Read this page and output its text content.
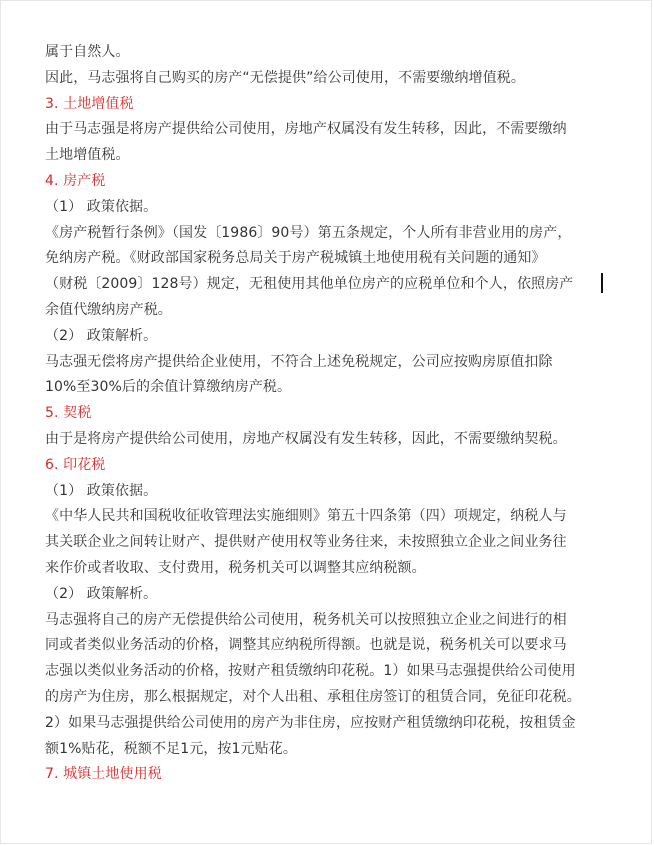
属于自然人。
因此，马志强将自己购买的房产“无偿提供”给公司使用，不需要缴纳增值税。
3. 土地增值税
由于马志强是将房产提供给公司使用，房地产权属没有发生转移，因此，不需要缴纳
土地增值税。
4. 房产税
（1） 政策依据。
《房产税暂行条例》（国发〔1986〕90号）第五条规定，个人所有非营业用的房产，
免纳房产税。《财政部国家税务总局关于房产税城镇土地使用税有关问题的通知》
（财税〔2009〕128号）规定，无租使用其他单位房产的应税单位和个人，依照房产
余值代缴纳房产税。
（2） 政策解析。
马志强无偿将房产提供给企业使用，不符合上述免税规定，公司应按购房原值扣除
10%至30%后的余值计算缴纳房产税。
5. 契税
由于是将房产提供给公司使用，房地产权属没有发生转移，因此，不需要缴纳契税。
6. 印花税
（1） 政策依据。
《中华人民共和国税收征收管理法实施细则》第五十四条第（四）项规定，纳税人与
其关联企业之间转让财产、提供财产使用权等业务往来，未按照独立企业之间业务往
来作价或者收取、支付费用，税务机关可以调整其应纳税额。
（2） 政策解析。
马志强将自己的房产无偿提供给公司使用，税务机关可以按照独立企业之间进行的相
同或者类似业务活动的价格，调整其应纳税所得额。也就是说，税务机关可以要求马
志强以类似业务活动的价格，按财产租赁缴纳印花税。1）如果马志强提供给公司使用
的房产为住房，那么根据规定，对个人出租、承租住房签订的租赁合同，免征印花税。
2）如果马志强提供给公司使用的房产为非住房，应按财产租赁缴纳印花税，按租赁金
额1%贴花，税额不足1元，按1元贴花。
7. 城镇土地使用税
